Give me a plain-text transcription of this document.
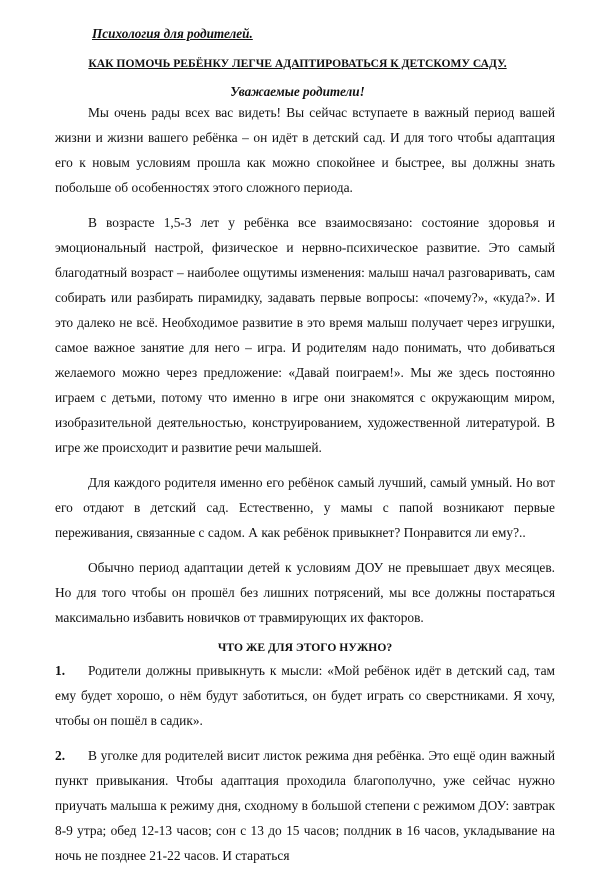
Психология для родителей.
КАК ПОМОЧЬ РЕБЁНКУ ЛЕГЧЕ АДАПТИРОВАТЬСЯ К ДЕТСКОМУ САДУ.
Уважаемые родители!

Мы очень рады всех вас видеть! Вы сейчас вступаете в важный период вашей жизни и жизни вашего ребёнка – он идёт в детский сад. И для того чтобы адаптация его к новым условиям прошла как можно спокойнее и быстрее, вы должны знать побольше об особенностях этого сложного периода.

В возрасте 1,5-3 лет у ребёнка все взаимосвязано: состояние здоровья и эмоциональный настрой, физическое и нервно-психическое развитие. Это самый благодатный возраст – наиболее ощутимы изменения: малыш начал разговаривать, сам собирать или разбирать пирамидку, задавать первые вопросы: «почему?», «куда?». И это далеко не всё. Необходимое развитие в это время малыш получает через игрушки, самое важное занятие для него – игра. И родителям надо понимать, что добиваться желаемого можно через предложение: «Давай поиграем!». Мы же здесь постоянно играем с детьми, потому что именно в игре они знакомятся с окружающим миром, изобразительной деятельностью, конструированием, художественной литературой. В игре же происходит и развитие речи малышей.

Для каждого родителя именно его ребёнок самый лучший, самый умный. Но вот его отдают в детский сад. Естественно, у мамы с папой возникают первые переживания, связанные с садом. А как ребёнок привыкнет? Понравится ли ему?..

Обычно период адаптации детей к условиям ДОУ не превышает двух месяцев. Но для того чтобы он прошёл без лишних потрясений, мы все должны постараться максимально избавить новичков от травмирующих их факторов.

ЧТО ЖЕ ДЛЯ ЭТОГО НУЖНО?
1. Родители должны привыкнуть к мысли: «Мой ребёнок идёт в детский сад, там ему будет хорошо, о нём будут заботиться, он будет играть со сверстниками. Я хочу, чтобы он пошёл в садик».
2. В уголке для родителей висит листок режима дня ребёнка. Это ещё один важный пункт привыкания. Чтобы адаптация проходила благополучно, уже сейчас нужно приучать малыша к режиму дня, сходному в большой степени с режимом ДОУ: завтрак 8-9 утра; обед 12-13 часов; сон с 13 до 15 часов; полдник в 16 часов, укладывание на ночь не позднее 21-22 часов. И стараться
